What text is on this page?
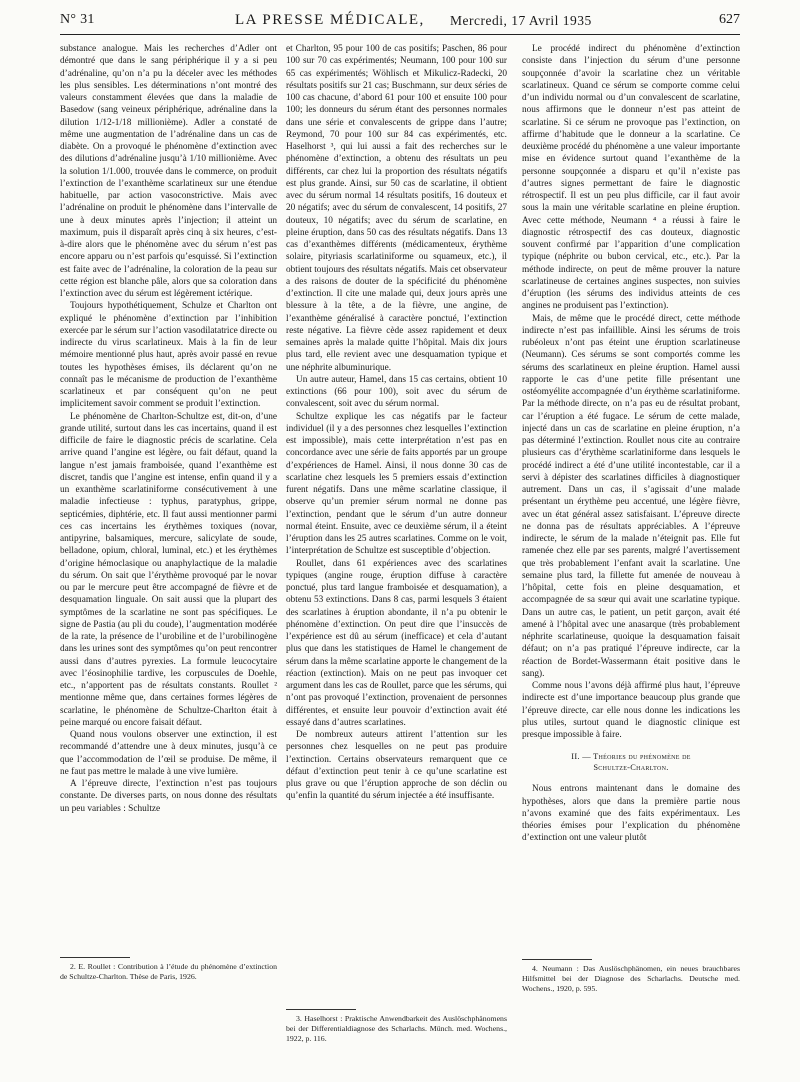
N° 31	LA PRESSE MÉDICALE, Mercredi, 17 Avril 1935	627

substance analogue. Mais les recherches d’Adler ont démontré que dans le sang périphérique il y a si peu d’adrénaline, qu’on n’a pu la déceler avec les méthodes les plus sensibles. Les déterminations n’ont montré des valeurs constamment élevées que dans la maladie de Basedow (sang veineux périphérique, adrénaline dans la dilution 1/12-1/18 millionième). Adler a constaté de même une augmentation de l’adrénaline dans un cas de diabète. On a provoqué le phénomène d’extinction avec des dilutions d’adrénaline jusqu’à 1/10 millionième. Avec la solution 1/1.000, trouvée dans le commerce, on produit l’extinction de l’exanthème scarlatineux sur une étendue habituelle, par action vasoconstrictive. Mais avec l’adrénaline on produit le phénomène dans l’intervalle de une à deux minutes après l’injection; il atteint un maximum, puis il disparaît après cinq à six heures, c’est-à-dire alors que le phénomène avec du sérum n’est pas encore apparu ou n’est parfois qu’esquissé. Si l’extinction est faite avec de l’adrénaline, la coloration de la peau sur cette région est blanche pâle, alors que sa coloration dans l’extinction avec du sérum est légèrement ictérique.

Toujours hypothétiquement, Schulze et Charlton ont expliqué le phénomène d’extinction par l’inhibition exercée par le sérum sur l’action vasodilatatrice directe ou indirecte du virus scarlatineux. Mais à la fin de leur mémoire mentionné plus haut, après avoir passé en revue toutes les hypothèses émises, ils déclarent qu’on ne connaît pas le mécanisme de production de l’exanthème scarlatineux et par conséquent qu’on ne peut implicitement savoir comment se produit l’extinction.

Le phénomène de Charlton-Schultze est, dit-on, d’une grande utilité, surtout dans les cas incertains, quand il est difficile de faire le diagnostic précis de scarlatine. Cela arrive quand l’angine est légère, ou fait défaut, quand la langue n’est jamais framboisée, quand l’exanthème est discret, tandis que l’angine est intense, enfin quand il y a un exanthème scarlatiniforme consécutivement à une maladie infectieuse : typhus, paratyphus, grippe, septicémies, diphtérie, etc. Il faut aussi mentionner parmi ces cas incertains les érythèmes toxiques (novar, antipyrine, balsamiques, mercure, salicylate de soude, belladone, opium, chloral, luminal, etc.) et les érythèmes d’origine hémoclasique ou anaphylactique de la maladie du sérum. On sait que l’érythème provoqué par le novar ou par le mercure peut être accompagné de fièvre et de desquamation linguale. On sait aussi que la plupart des symptômes de la scarlatine ne sont pas spécifiques. Le signe de Pastia (au pli du coude), l’augmentation modérée de la rate, la présence de l’urobiline et de l’urobilinogène dans les urines sont des symptômes qu’on peut rencontrer aussi dans d’autres pyrexies. La formule leucocytaire avec l’éosinophilie tardive, les corpuscules de Doehle, etc., n’apportent pas de résultats constants. Roullet ² mentionne même que, dans certaines formes légères de scarlatine, le phénomène de Schultze-Charlton était à peine marqué ou encore faisait défaut.

Quand nous voulons observer une extinction, il est recommandé d’attendre une à deux minutes, jusqu’à ce que l’accommodation de l’œil se produise. De même, il ne faut pas mettre le malade à une vive lumière.

A l’épreuve directe, l’extinction n’est pas toujours constante. De diverses parts, on nous donne des résultats un peu variables : Schultze

2. E. Roullet : Contribution à l’étude du phénomène d’extinction de Schultze-Charlton. Thèse de Paris, 1926.

et Charlton, 95 pour 100 de cas positifs; Paschen, 86 pour 100 sur 70 cas expérimentés; Neumann, 100 pour 100 sur 65 cas expérimentés; Wöhlisch et Mikulicz-Radecki, 20 résultats positifs sur 21 cas; Buschmann, sur deux séries de 100 cas chacune, d’abord 61 pour 100 et ensuite 100 pour 100; les donneurs du sérum étant des personnes normales dans une série et convalescents de grippe dans l’autre; Reymond, 70 pour 100 sur 84 cas expérimentés, etc. Haselhorst ³, qui lui aussi a fait des recherches sur le phénomène d’extinction, a obtenu des résultats un peu différents, car chez lui la proportion des résultats négatifs est plus grande. Ainsi, sur 50 cas de scarlatine, il obtient avec du sérum normal 14 résultats positifs, 16 douteux et 20 négatifs; avec du sérum de convalescent, 14 positifs, 27 douteux, 10 négatifs; avec du sérum de scarlatine, en pleine éruption, dans 50 cas des résultats négatifs. Dans 13 cas d’exanthèmes différents (médicamenteux, érythème solaire, pityriasis scarlatiniforme ou squameux, etc.), il obtient toujours des résultats négatifs. Mais cet observateur a des raisons de douter de la spécificité du phénomène d’extinction. Il cite une malade qui, deux jours après une blessure à la tête, a de la fièvre, une angine, de l’exanthème généralisé à caractère ponctué, l’extinction reste négative. La fièvre cède assez rapidement et deux semaines après la malade quitte l’hôpital. Mais dix jours plus tard, elle revient avec une desquamation typique et une néphrite albuminurique.

Un autre auteur, Hamel, dans 15 cas certains, obtient 10 extinctions (66 pour 100), soit avec du sérum de convalescent, soit avec du sérum normal.

Schultze explique les cas négatifs par le facteur individuel (il y a des personnes chez lesquelles l’extinction est impossible), mais cette interprétation n’est pas en concordance avec une série de faits apportés par un groupe d’expériences de Hamel. Ainsi, il nous donne 30 cas de scarlatine chez lesquels les 5 premiers essais d’extinction furent négatifs. Dans une même scarlatine classique, il observe qu’un premier sérum normal ne donne pas l’extinction, pendant que le sérum d’un autre donneur normal éteint. Ensuite, avec ce deuxième sérum, il a éteint l’éruption dans les 25 autres scarlatines. Comme on le voit, l’interprétation de Schultze est susceptible d’objection.

Roullet, dans 61 expériences avec des scarlatines typiques (angine rouge, éruption diffuse à caractère ponctué, plus tard langue framboisée et desquamation), a obtenu 53 extinctions. Dans 8 cas, parmi lesquels 3 étaient des scarlatines à éruption abondante, il n’a pu obtenir le phénomène d’extinction. On peut dire que l’insuccès de l’expérience est dû au sérum (inefficace) et cela d’autant plus que dans les statistiques de Hamel le changement de sérum dans la même scarlatine apporte le changement de la réaction (extinction). Mais on ne peut pas invoquer cet argument dans les cas de Roullet, parce que les sérums, qui n’ont pas provoqué l’extinction, provenaient de personnes différentes, et ensuite leur pouvoir d’extinction avait été essayé dans d’autres scarlatines.

De nombreux auteurs attirent l’attention sur les personnes chez lesquelles on ne peut pas produire l’extinction. Certains observateurs remarquent que ce défaut d’extinction peut tenir à ce qu’une scarlatine est plus grave ou que l’éruption approche de son déclin ou qu’enfin la quantité du sérum injectée a été insuffisante.

3. Haselhorst : Praktische Anwendbarkeit des Auslöschphänomens bei der Differentialdiagnose des Scharlachs. Münch. med. Wochens., 1922, p. 116.

Le procédé indirect du phénomène d’extinction consiste dans l’injection du sérum d’une personne soupçonnée d’avoir la scarlatine chez un véritable scarlatineux. Quand ce sérum se comporte comme celui d’un individu normal ou d’un convalescent de scarlatine, nous affirmons que le donneur n’est pas atteint de scarlatine. Si ce sérum ne provoque pas l’extinction, on affirme d’habitude que le donneur a la scarlatine. Ce deuxième procédé du phénomène a une valeur importante mise en évidence surtout quand l’exanthème de la personne soupçonnée a disparu et qu’il n’existe pas d’autres signes permettant de faire le diagnostic rétrospectif. Il est un peu plus difficile, car il faut avoir sous la main une véritable scarlatine en pleine éruption. Avec cette méthode, Neumann ⁴ a réussi à faire le diagnostic rétrospectif des cas douteux, diagnostic souvent confirmé par l’apparition d’une complication typique (néphrite ou bubon cervical, etc., etc.). Par la méthode indirecte, on peut de même prouver la nature scarlatineuse de certaines angines suspectes, non suivies d’éruption (les sérums des individus atteints de ces angines ne produisent pas l’extinction).

Mais, de même que le procédé direct, cette méthode indirecte n’est pas infaillible. Ainsi les sérums de trois rubéoleux n’ont pas éteint une éruption scarlatineuse (Neumann). Ces sérums se sont comportés comme les sérums des scarlatineux en pleine éruption. Hamel aussi rapporte le cas d’une petite fille présentant une ostéomyélite accompagnée d’un érythème scarlatiniforme. Par la méthode directe, on n’a pas eu de résultat probant, car l’éruption a été fugace. Le sérum de cette malade, injecté dans un cas de scarlatine en pleine éruption, n’a pas déterminé l’extinction. Roullet nous cite au contraire plusieurs cas d’érythème scarlatiniforme dans lesquels le procédé indirect a été d’une utilité incontestable, car il a servi à dépister des scarlatines difficiles à diagnostiquer autrement. Dans un cas, il s’agissait d’une malade présentant un érythème peu accentué, une légère fièvre, avec un état général assez satisfaisant. L’épreuve directe ne donna pas de résultats appréciables. A l’épreuve indirecte, le sérum de la malade n’éteignit pas. Elle fut ramenée chez elle par ses parents, malgré l’avertissement que très probablement l’enfant avait la scarlatine. Une semaine plus tard, la fillette fut amenée de nouveau à l’hôpital, cette fois en pleine desquamation, et accompagnée de sa sœur qui avait une scarlatine typique. Dans un autre cas, le patient, un petit garçon, avait été amené à l’hôpital avec une anasarque (très probablement néphrite scarlatineuse, quoique la desquamation faisait défaut; on n’a pas pratiqué l’épreuve indirecte, car la réaction de Bordet-Wassermann était positive dans le sang).

Comme nous l’avons déjà affirmé plus haut, l’épreuve indirecte est d’une importance beaucoup plus grande que l’épreuve directe, car elle nous donne les indications les plus utiles, surtout quand le diagnostic clinique est presque impossible à faire.

II. — Théories du phénomène de
Schultze-Charlton.

Nous entrons maintenant dans le domaine des hypothèses, alors que dans la première partie nous n’avons examiné que des faits expérimentaux. Les théories émises pour l’explication du phénomène d’extinction ont une valeur plutôt

4. Neumann : Das Auslöschphänomen, ein neues brauchbares Hilfsmittel bei der Diagnose des Scharlachs. Deutsche med. Wochens., 1920, p. 595.
